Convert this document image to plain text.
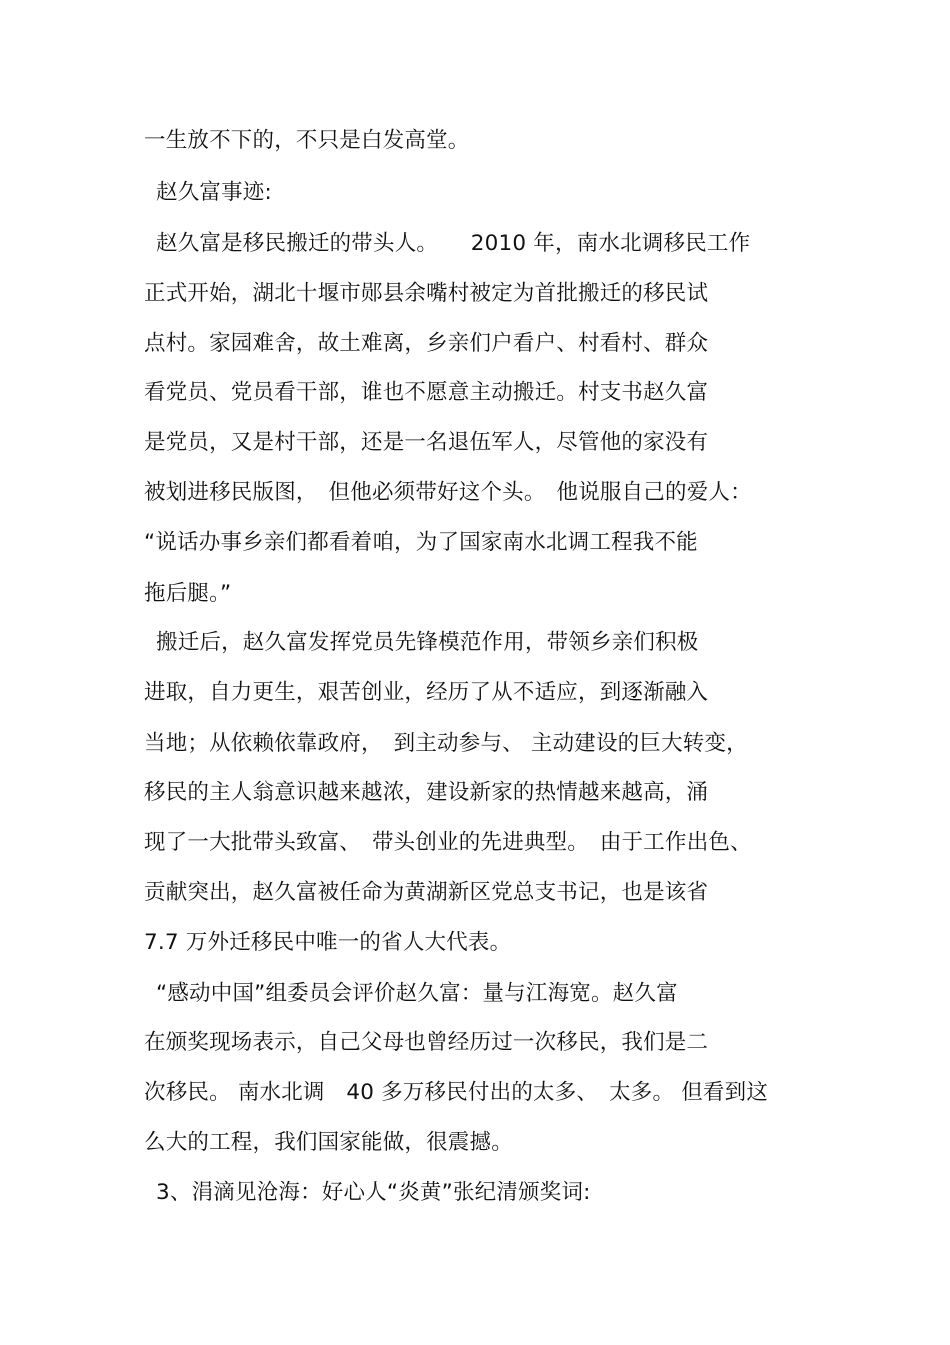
一生放不下的，不只是白发高堂。
赵久富事迹:
赵久富是移民搬迁的带头人。　　2010 年，南水北调移民工作
正式开始，湖北十堰市郧县余嘴村被定为首批搬迁的移民试
点村。家园难舍，故土难离，乡亲们户看户、村看村、群众
看党员、党员看干部，谁也不愿意主动搬迁。村支书赵久富
是党员，又是村干部，还是一名退伍军人，尽管他的家没有
被划进移民版图，　但他必须带好这个头。　他说服自己的爱人：
“说话办事乡亲们都看着咱，为了国家南水北调工程我不能
拖后腿。”
搬迁后，赵久富发挥党员先锋模范作用，带领乡亲们积极
进取，自力更生，艰苦创业，经历了从不适应，到逐渐融入
当地；从依赖依靠政府，　到主动参与、 主动建设的巨大转变，
移民的主人翁意识越来越浓，建设新家的热情越来越高，涌
现了一大批带头致富、　带头创业的先进典型。　由于工作出色、
贡献突出，赵久富被任命为黄湖新区党总支书记，也是该省
7.7 万外迁移民中唯一的省人大代表。
“感动中国”组委员会评价赵久富：量与江海宽。赵久富
在颁奖现场表示，自己父母也曾经历过一次移民，我们是二
次移民。 南水北调　40 多万移民付出的太多、　太多。 但看到这
么大的工程，我们国家能做，很震撼。
3、涓滴见沧海：好心人“炎黄”张纪清颁奖词:
